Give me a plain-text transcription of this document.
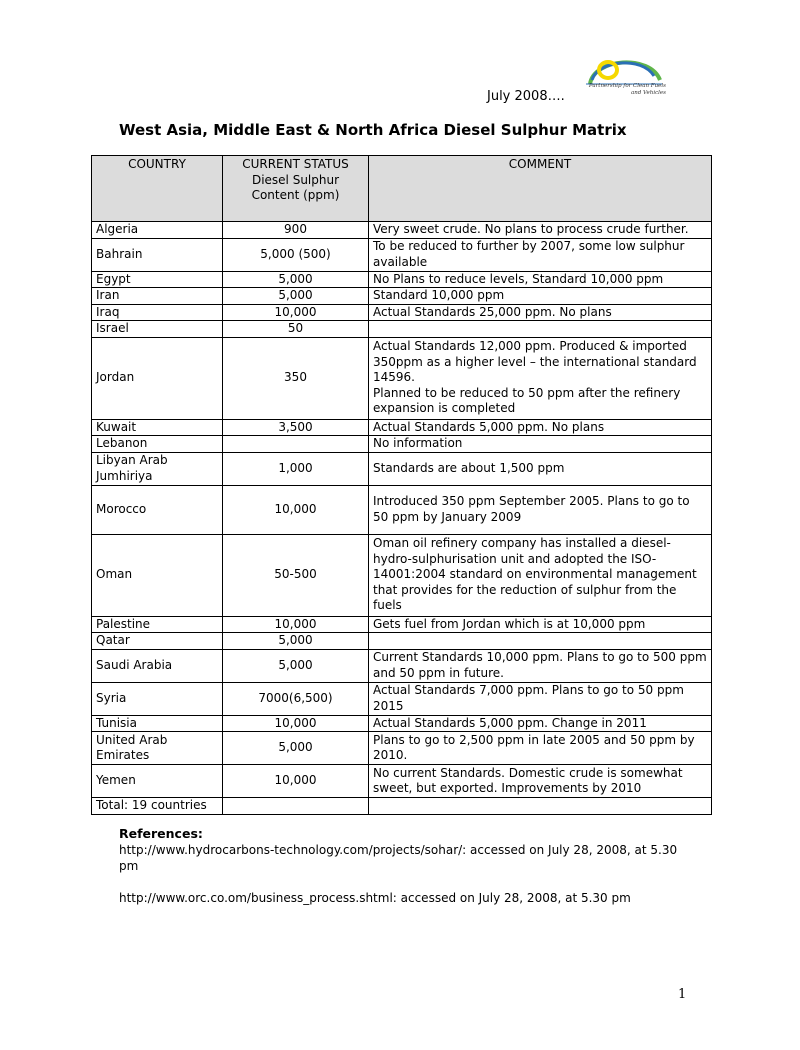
July 2008….
Partnership for Clean Fuels and Vehicles
West Asia, Middle East & North Africa Diesel Sulphur Matrix
COUNTRY	CURRENT STATUS Diesel Sulphur Content (ppm)	COMMENT
Algeria	900	Very sweet crude. No plans to process crude further.
Bahrain	5,000 (500)	To be reduced to further by 2007, some low sulphur available
Egypt	5,000	No Plans to reduce levels, Standard 10,000 ppm
Iran	5,000	Standard 10,000 ppm
Iraq	10,000	Actual Standards 25,000 ppm. No plans
Israel	50	
Jordan	350	Actual Standards 12,000 ppm. Produced & imported 350ppm as a higher level – the international standard 14596.
Planned to be reduced to 50 ppm after the refinery expansion is completed
Kuwait	3,500	Actual Standards 5,000 ppm. No plans
Lebanon		No information
Libyan Arab Jumhiriya	1,000	Standards are about 1,500 ppm
Morocco	10,000	Introduced 350 ppm September 2005. Plans to go to 50 ppm by January 2009
Oman	50-500	Oman oil refinery company has installed a diesel-hydro-sulphurisation unit and adopted the ISO-14001:2004 standard on environmental management that provides for the reduction of sulphur from the fuels
Palestine	10,000	Gets fuel from Jordan which is at 10,000 ppm
Qatar	5,000	
Saudi Arabia	5,000	Current Standards 10,000 ppm. Plans to go to 500 ppm and 50 ppm in future.
Syria	7000(6,500)	Actual Standards 7,000 ppm. Plans to go to 50 ppm 2015
Tunisia	10,000	Actual Standards 5,000 ppm. Change in 2011
United Arab Emirates	5,000	Plans to go to 2,500 ppm in late 2005 and 50 ppm by 2010.
Yemen	10,000	No current Standards. Domestic crude is somewhat sweet, but exported. Improvements by 2010
Total: 19 countries		

References:

http://www.hydrocarbons-technology.com/projects/sohar/: accessed on July 28, 2008, at 5.30 pm

http://www.orc.co.om/business_process.shtml: accessed on July 28, 2008, at 5.30 pm

1
